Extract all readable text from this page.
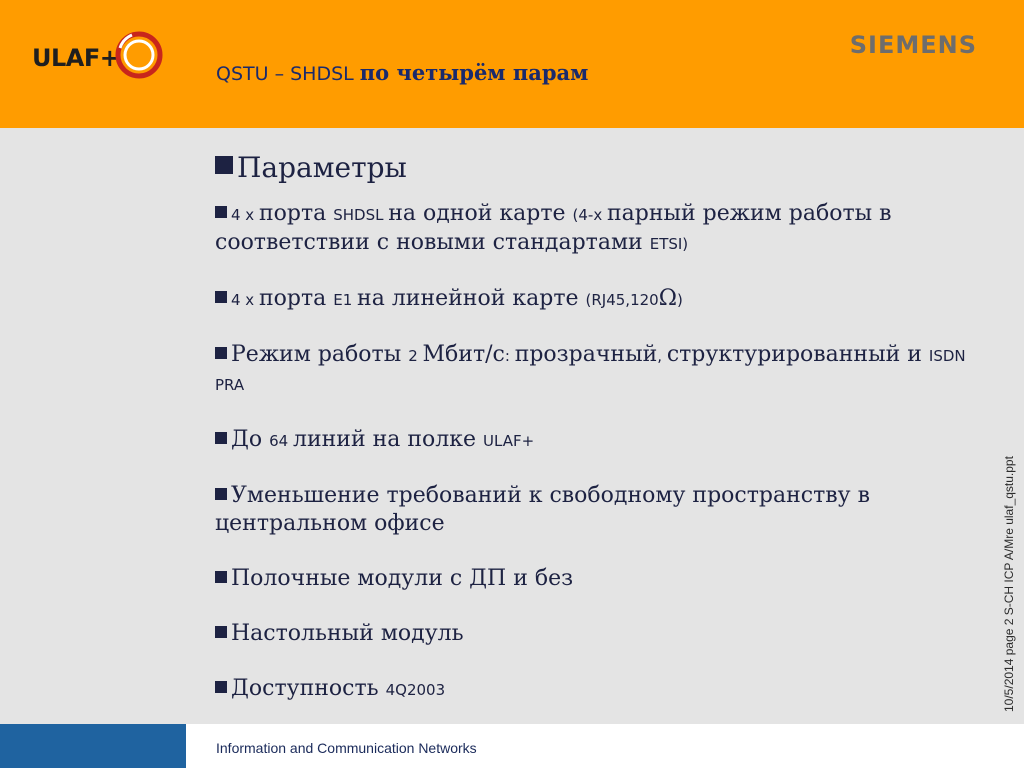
ULAF+
QSTU – SHDSL по четырём парам
SIEMENS
Параметры
4 x порта SHDSL на одной карте (4-x парный режим работы в соответствии с новыми стандартами ETSI)
4 x порта E1 на линейной карте (RJ45,120Ω)
Режим работы 2 Мбит/с: прозрачный, структурированный и ISDN PRA
До 64 линий на полке ULAF+
Уменьшение требований к свободному пространству в центральном офисе
Полочные модули с ДП и без
Настольный модуль
Доступность 4Q2003	10/5/2014 page 2 S-CH ICP A/Mre ulaf_qstu.ppt
Information and Communication Networks
